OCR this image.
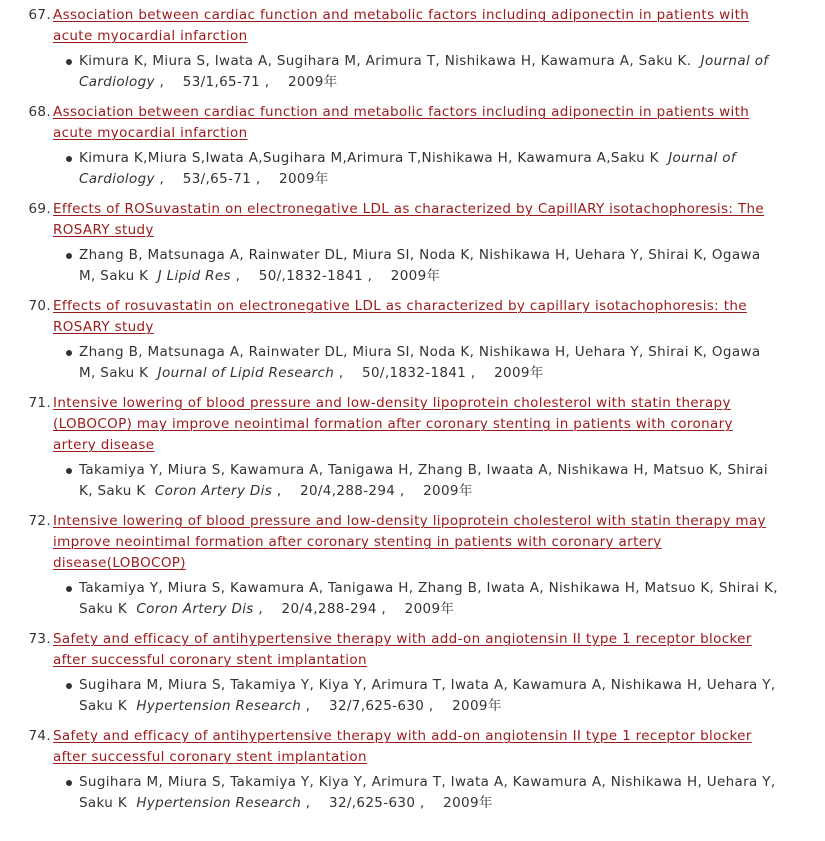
67. Association between cardiac function and metabolic factors including adiponectin in patients with acute myocardial infarction
Kimura K, Miura S, Iwata A, Sugihara M, Arimura T, Nishikawa H, Kawamura A, Saku K. Journal of Cardiology ,    53/1,65-71 ,    2009年
68. Association between cardiac function and metabolic factors including adiponectin in patients with acute myocardial infarction
Kimura K,Miura S,Iwata A,Sugihara M,Arimura T,Nishikawa H, Kawamura A,Saku K Journal of Cardiology ,    53/,65-71 ,    2009年
69. Effects of ROSuvastatin on electronegative LDL as characterized by CapillARY isotachophoresis: The ROSARY study
Zhang B, Matsunaga A, Rainwater DL, Miura SI, Noda K, Nishikawa H, Uehara Y, Shirai K, Ogawa M, Saku K J Lipid Res ,    50/,1832-1841 ,    2009年
70. Effects of rosuvastatin on electronegative LDL as characterized by capillary isotachophoresis: the ROSARY study
Zhang B, Matsunaga A, Rainwater DL, Miura SI, Noda K, Nishikawa H, Uehara Y, Shirai K, Ogawa M, Saku K Journal of Lipid Research ,    50/,1832-1841 ,    2009年
71. Intensive lowering of blood pressure and low-density lipoprotein cholesterol with statin therapy (LOBOCOP) may improve neointimal formation after coronary stenting in patients with coronary artery disease
Takamiya Y, Miura S, Kawamura A, Tanigawa H, Zhang B, Iwaata A, Nishikawa H, Matsuo K, Shirai K, Saku K Coron Artery Dis ,    20/4,288-294 ,    2009年
72. Intensive lowering of blood pressure and low-density lipoprotein cholesterol with statin therapy may improve neointimal formation after coronary stenting in patients with coronary artery disease(LOBOCOP)
Takamiya Y, Miura S, Kawamura A, Tanigawa H, Zhang B, Iwata A, Nishikawa H, Matsuo K, Shirai K, Saku K Coron Artery Dis ,    20/4,288-294 ,    2009年
73. Safety and efficacy of antihypertensive therapy with add-on angiotensin II type 1 receptor blocker after successful coronary stent implantation
Sugihara M, Miura S, Takamiya Y, Kiya Y, Arimura T, Iwata A, Kawamura A, Nishikawa H, Uehara Y, Saku K Hypertension Research ,    32/7,625-630 ,    2009年
74. Safety and efficacy of antihypertensive therapy with add-on angiotensin II type 1 receptor blocker after successful coronary stent implantation
Sugihara M, Miura S, Takamiya Y, Kiya Y, Arimura T, Iwata A, Kawamura A, Nishikawa H, Uehara Y, Saku K Hypertension Research ,    32/,625-630 ,    2009年
